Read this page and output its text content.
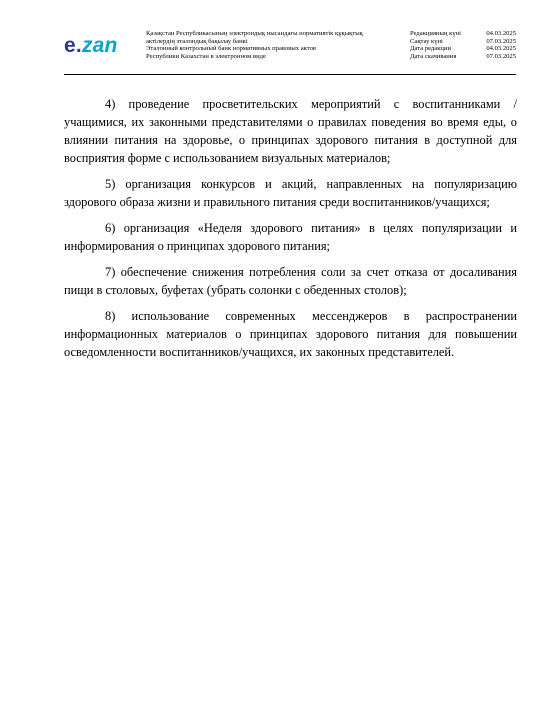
e.zan
Қазақстан Республикасының электрондық нысандағы нормативтік құқықтық
актілердің эталондық бақылау банкі
Эталонный контрольный банк нормативных правовых актов
Республики Казахстан в электронном виде
Редакцияның күні	04.03.2025
Сақтау күні	07.03.2025
Дата редакции	04.03.2025
Дата скачивания	07.03.2025

4) проведение просветительских мероприятий с воспитанниками /учащимися, их законными представителями о правилах поведения во время еды, о влиянии питания на здоровье, о принципах здорового питания в доступной для восприятия форме с использованием визуальных материалов;

5) организация конкурсов и акций, направленных на популяризацию здорового образа жизни и правильного питания среди воспитанников/учащихся;

6) организация «Неделя здорового питания» в целях популяризации и информирования о принципах здорового питания;

7) обеспечение снижения потребления соли за счет отказа от досаливания пищи в столовых, буфетах (убрать солонки с обеденных столов);

8) использование современных мессенджеров в распространении информационных материалов о принципах здорового питания для повышении осведомленности воспитанников/учащихся, их законных представителей.
